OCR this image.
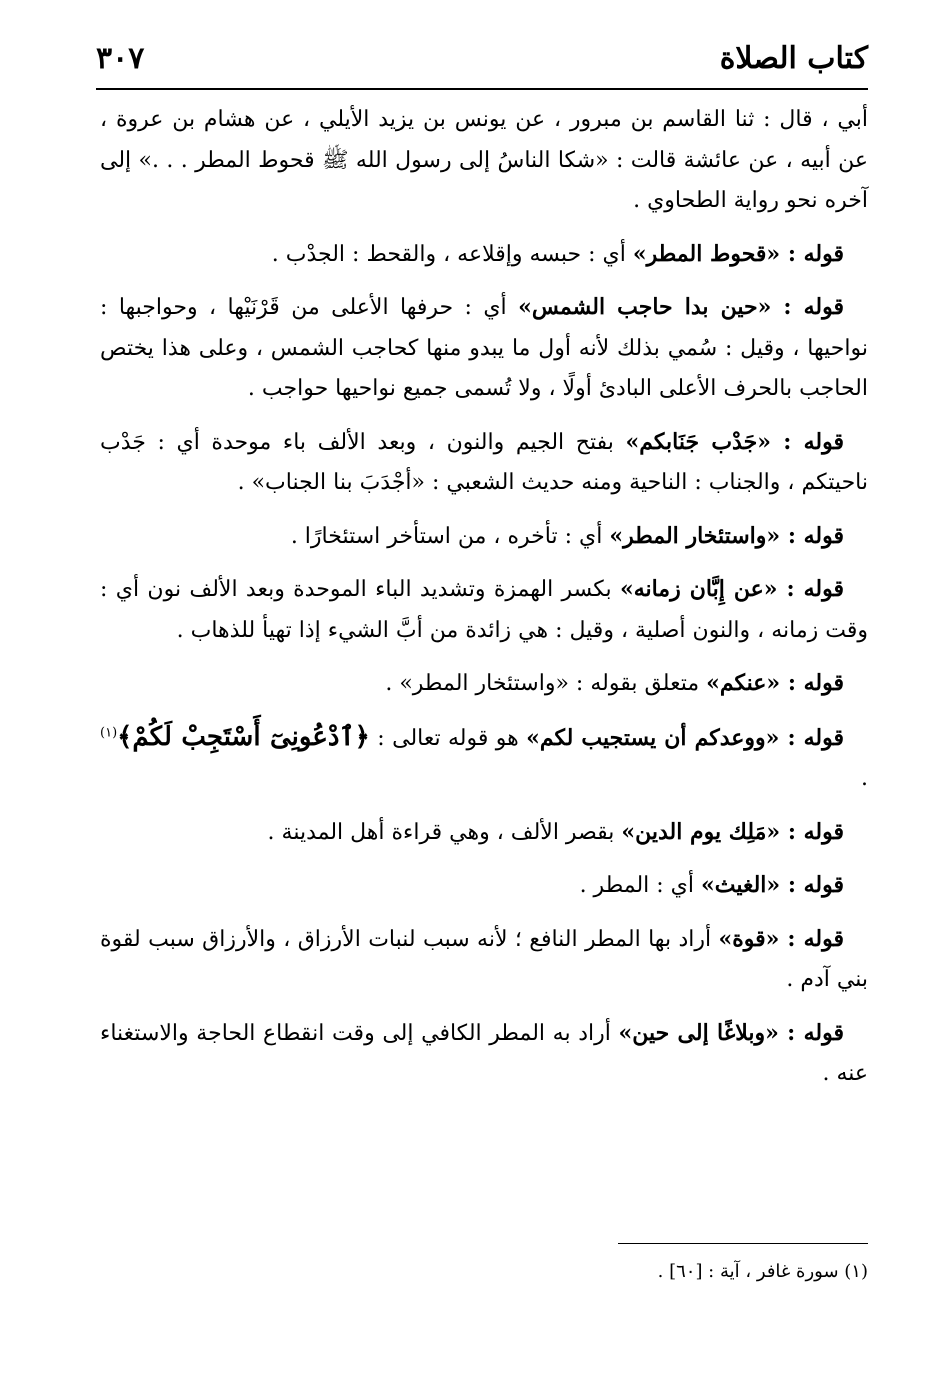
كتاب الصلاة
٣٠٧

أبي ، قال : ثنا القاسم بن مبرور ، عن يونس بن يزيد الأيلي ، عن هشام بن عروة ، عن أبيه ، عن عائشة قالت : «شكا الناسُ إلى رسول الله ﷺ قحوط المطر . . .» إلى آخره نحو رواية الطحاوي .

قوله : «قحوط المطر» أي : حبسه وإقلاعه ، والقحط : الجدْب .

قوله : «حين بدا حاجب الشمس» أي : حرفها الأعلى من قَرْنَيْها ، وحواجبها : نواحيها ، وقيل : سُمي بذلك لأنه أول ما يبدو منها كحاجب الشمس ، وعلى هذا يختص الحاجب بالحرف الأعلى البادئ أولًا ، ولا تُسمى جميع نواحيها حواجب .

قوله : «جَدْب جَنَابكم» بفتح الجيم والنون ، وبعد الألف باء موحدة أي : جَدْب ناحيتكم ، والجناب : الناحية ومنه حديث الشعبي : «أجْدَبَ بنا الجناب» .

قوله : «واستئخار المطر» أي : تأخره ، من استأخر استئخارًا .

قوله : «عن إِبَّان زمانه» بكسر الهمزة وتشديد الباء الموحدة وبعد الألف نون أي : وقت زمانه ، والنون أصلية ، وقيل : هي زائدة من أبَّ الشيء إذا تهيأ للذهاب .

قوله : «عنكم» متعلق بقوله : «واستئخار المطر» .

قوله : «ووعدكم أن يستجيب لكم» هو قوله تعالى : ﴿ٱدْعُونِىٓ أَسْتَجِبْ لَكُمْ﴾$^{(١)}$ .

قوله : «مَلِك يوم الدين» بقصر الألف ، وهي قراءة أهل المدينة .

قوله : «الغيث» أي : المطر .

قوله : «قوة» أراد بها المطر النافع ؛ لأنه سبب لنبات الأرزاق ، والأرزاق سبب لقوة بني آدم .

قوله : «وبلاغًا إلى حين» أراد به المطر الكافي إلى وقت انقطاع الحاجة والاستغناء عنه .

(١) سورة غافر ، آية : [٦٠] .
